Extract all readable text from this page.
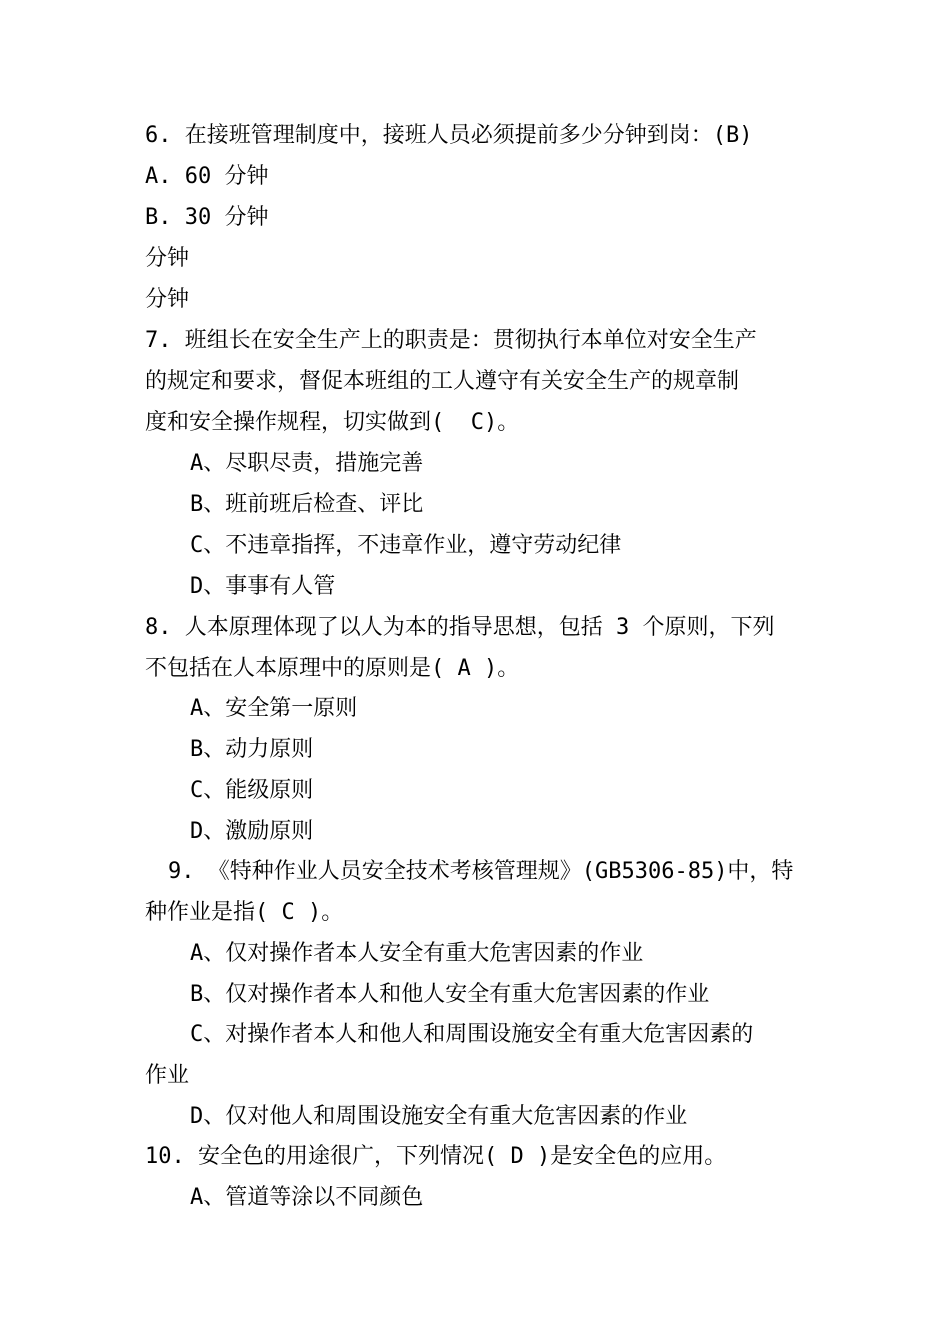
6. 在接班管理制度中，接班人员必须提前多少分钟到岗：(B)
A. 60 分钟
B. 30 分钟
分钟
分钟
7. 班组长在安全生产上的职责是：贯彻执行本单位对安全生产
的规定和要求，督促本班组的工人遵守有关安全生产的规章制
度和安全操作规程，切实做到(  C)。
A、尽职尽责，措施完善
B、班前班后检查、评比
C、不违章指挥，不违章作业，遵守劳动纪律
D、事事有人管
8. 人本原理体现了以人为本的指导思想，包括 3 个原则，下列
不包括在人本原理中的原则是( A )。
A、安全第一原则
B、动力原则
C、能级原则
D、激励原则
9. 《特种作业人员安全技术考核管理规》(GB5306-85)中，特
种作业是指( C )。
A、仅对操作者本人安全有重大危害因素的作业
B、仅对操作者本人和他人安全有重大危害因素的作业
C、对操作者本人和他人和周围设施安全有重大危害因素的
作业
D、仅对他人和周围设施安全有重大危害因素的作业
10. 安全色的用途很广，下列情况( D )是安全色的应用。
A、管道等涂以不同颜色
